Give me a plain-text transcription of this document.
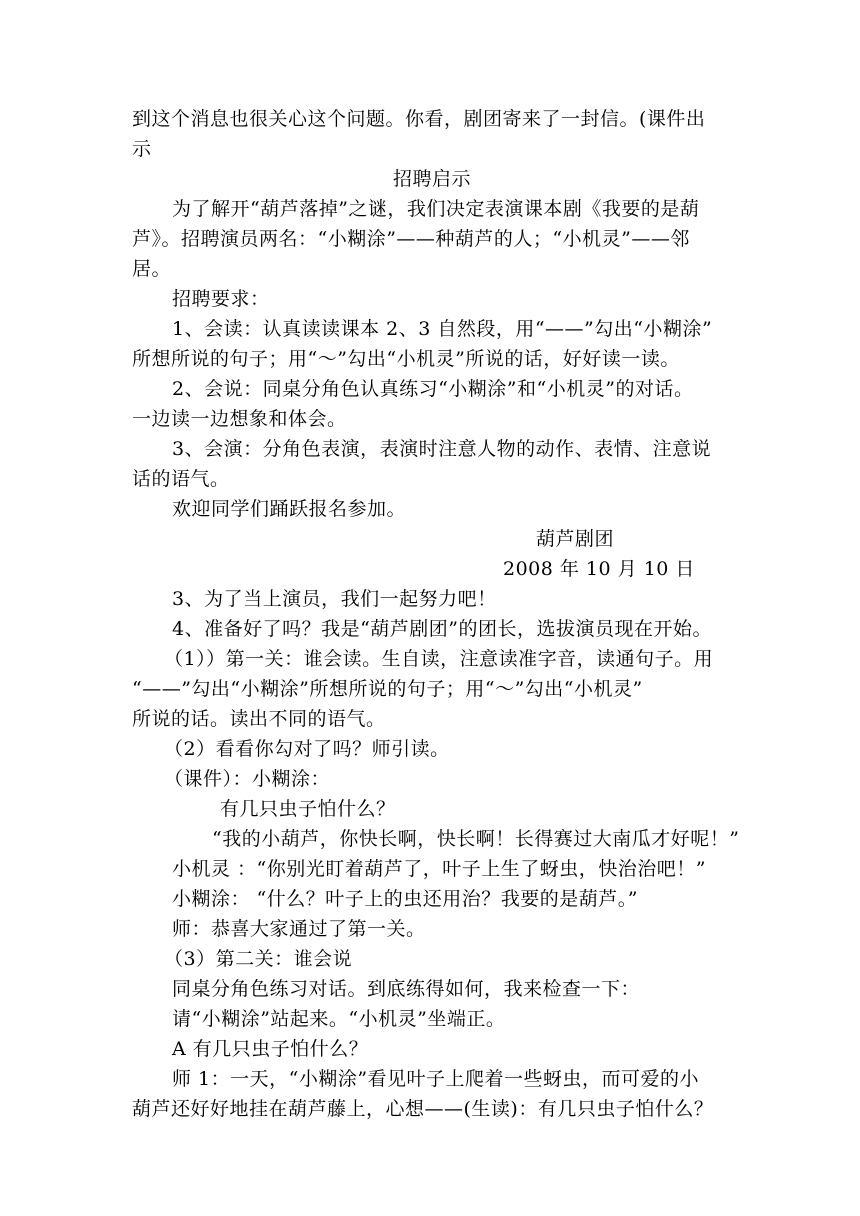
到这个消息也很关心这个问题。你看，剧团寄来了一封信。(课件出
示
招聘启示
为了解开“葫芦落掉”之谜，我们决定表演课本剧《我要的是葫
芦》。招聘演员两名：“小糊涂”——种葫芦的人；“小机灵”——邻
居。
招聘要求：
1、会读：认真读读课本 2、3 自然段，用“——”勾出“小糊涂”
所想所说的句子；用“～”勾出“小机灵”所说的话，好好读一读。
2、会说：同桌分角色认真练习“小糊涂”和“小机灵”的对话。
一边读一边想象和体会。
3、会演：分角色表演，表演时注意人物的动作、表情、注意说
话的语气。
欢迎同学们踊跃报名参加。
葫芦剧团
2008 年 10 月 10 日
3、为了当上演员，我们一起努力吧！
4、准备好了吗？我是“葫芦剧团”的团长，选拔演员现在开始。
（1））第一关：谁会读。生自读，注意读准字音，读通句子。用
“——”勾出“小糊涂”所想所说的句子；用“～”勾出“小机灵”
所说的话。读出不同的语气。
（2）看看你勾对了吗？师引读。
（课件）：小糊涂：
有几只虫子怕什么？
“我的小葫芦，你快长啊，快长啊！长得赛过大南瓜才好呢！”
小机灵 ：“你别光盯着葫芦了，叶子上生了蚜虫，快治治吧！”
小糊涂： “什么？叶子上的虫还用治？我要的是葫芦。”
师：恭喜大家通过了第一关。
（3）第二关：谁会说
同桌分角色练习对话。到底练得如何，我来检查一下：
请“小糊涂”站起来。“小机灵”坐端正。
A 有几只虫子怕什么？
师 1：一天，“小糊涂”看见叶子上爬着一些蚜虫，而可爱的小
葫芦还好好地挂在葫芦藤上，心想——(生读)：有几只虫子怕什么？
